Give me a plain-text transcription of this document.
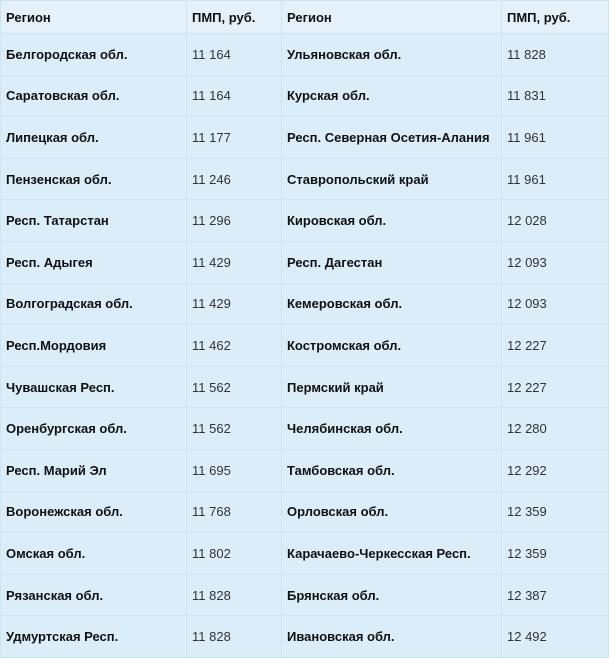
Регион	ПМП, руб.	Регион	ПМП, руб.
Белгородская обл.	11 164	Ульяновская обл.	11 828
Саратовская обл.	11 164	Курская обл.	11 831
Липецкая обл.	11 177	Респ. Северная Осетия-Алания	11 961
Пензенская обл.	11 246	Ставропольский край	11 961
Респ. Татарстан	11 296	Кировская обл.	12 028
Респ. Адыгея	11 429	Респ. Дагестан	12 093
Волгоградская обл.	11 429	Кемеровская обл.	12 093
Респ.Мордовия	11 462	Костромская обл.	12 227
Чувашская Респ.	11 562	Пермский край	12 227
Оренбургская обл.	11 562	Челябинская обл.	12 280
Респ. Марий Эл	11 695	Тамбовская обл.	12 292
Воронежская обл.	11 768	Орловская обл.	12 359
Омская обл.	11 802	Карачаево-Черкесская Респ.	12 359
Рязанская обл.	11 828	Брянская обл.	12 387
Удмуртская Респ.	11 828	Ивановская обл.	12 492
